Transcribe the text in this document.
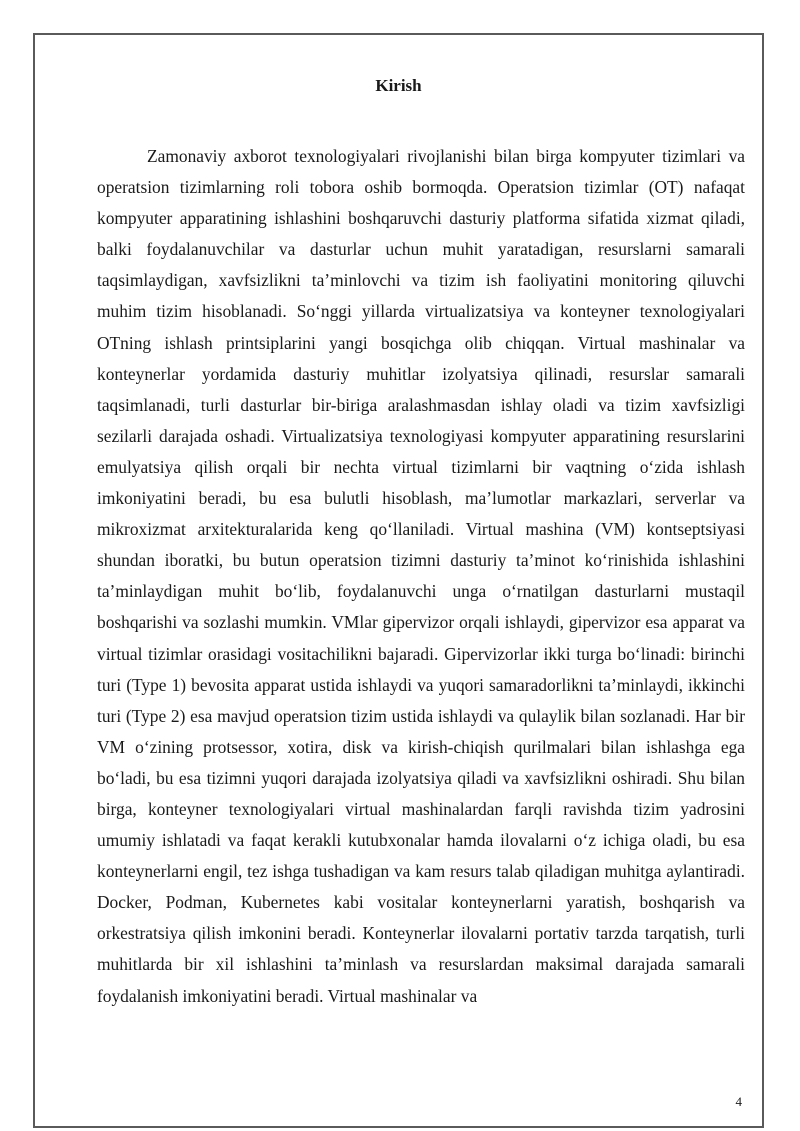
Kirish

Zamonaviy axborot texnologiyalari rivojlanishi bilan birga kompyuter tizimlari va operatsion tizimlarning roli tobora oshib bormoqda. Operatsion tizimlar (OT) nafaqat kompyuter apparatining ishlashini boshqaruvchi dasturiy platforma sifatida xizmat qiladi, balki foydalanuvchilar va dasturlar uchun muhit yaratadigan, resurslarni samarali taqsimlaydigan, xavfsizlikni ta’minlovchi va tizim ish faoliyatini monitoring qiluvchi muhim tizim hisoblanadi. So‘nggi yillarda virtualizatsiya va konteyner texnologiyalari OTning ishlash printsiplarini yangi bosqichga olib chiqqan. Virtual mashinalar va konteynerlar yordamida dasturiy muhitlar izolyatsiya qilinadi, resurslar samarali taqsimlanadi, turli dasturlar bir-biriga aralashmasdan ishlay oladi va tizim xavfsizligi sezilarli darajada oshadi. Virtualizatsiya texnologiyasi kompyuter apparatining resurslarini emulyatsiya qilish orqali bir nechta virtual tizimlarni bir vaqtning o‘zida ishlash imkoniyatini beradi, bu esa bulutli hisoblash, ma’lumotlar markazlari, serverlar va mikroxizmat arxitekturalarida keng qo‘llaniladi. Virtual mashina (VM) kontseptsiyasi shundan iboratki, bu butun operatsion tizimni dasturiy ta’minot ko‘rinishida ishlashini ta’minlaydigan muhit bo‘lib, foydalanuvchi unga o‘rnatilgan dasturlarni mustaqil boshqarishi va sozlashi mumkin. VMlar gipervizor orqali ishlaydi, gipervizor esa apparat va virtual tizimlar orasidagi vositachilikni bajaradi. Gipervizorlar ikki turga bo‘linadi: birinchi turi (Type 1) bevosita apparat ustida ishlaydi va yuqori samaradorlikni ta’minlaydi, ikkinchi turi (Type 2) esa mavjud operatsion tizim ustida ishlaydi va qulaylik bilan sozlanadi. Har bir VM o‘zining protsessor, xotira, disk va kirish-chiqish qurilmalari bilan ishlashga ega bo‘ladi, bu esa tizimni yuqori darajada izolyatsiya qiladi va xavfsizlikni oshiradi. Shu bilan birga, konteyner texnologiyalari virtual mashinalardan farqli ravishda tizim yadrosini umumiy ishlatadi va faqat kerakli kutubxonalar hamda ilovalarni o‘z ichiga oladi, bu esa konteynerlarni engil, tez ishga tushadigan va kam resurs talab qiladigan muhitga aylantiradi. Docker, Podman, Kubernetes kabi vositalar konteynerlarni yaratish, boshqarish va orkestratsiya qilish imkonini beradi. Konteynerlar ilovalarni portativ tarzda tarqatish, turli muhitlarda bir xil ishlashini ta’minlash va resurslardan maksimal darajada samarali foydalanish imkoniyatini beradi. Virtual mashinalar va

4
